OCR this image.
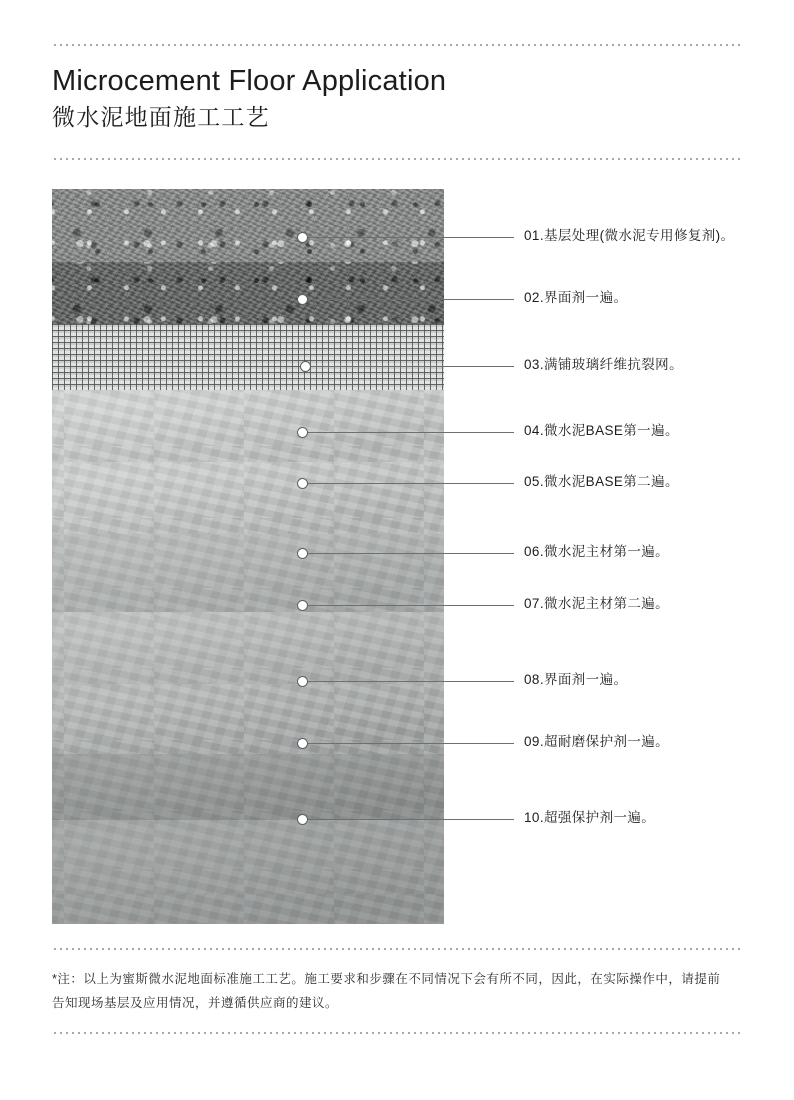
Microcement Floor Application
微水泥地面施工工艺
01.基层处理(微水泥专用修复剂)。
02.界面剂一遍。
03.满铺玻璃纤维抗裂网。
04.微水泥BASE第一遍。
05.微水泥BASE第二遍。
06.微水泥主材第一遍。
07.微水泥主材第二遍。
08.界面剂一遍。
09.超耐磨保护剂一遍。
10.超强保护剂一遍。
*注：以上为蜜斯微水泥地面标准施工工艺。施工要求和步骤在不同情况下会有所不同，因此，在实际操作中，请提前
告知现场基层及应用情况，并遵循供应商的建议。
